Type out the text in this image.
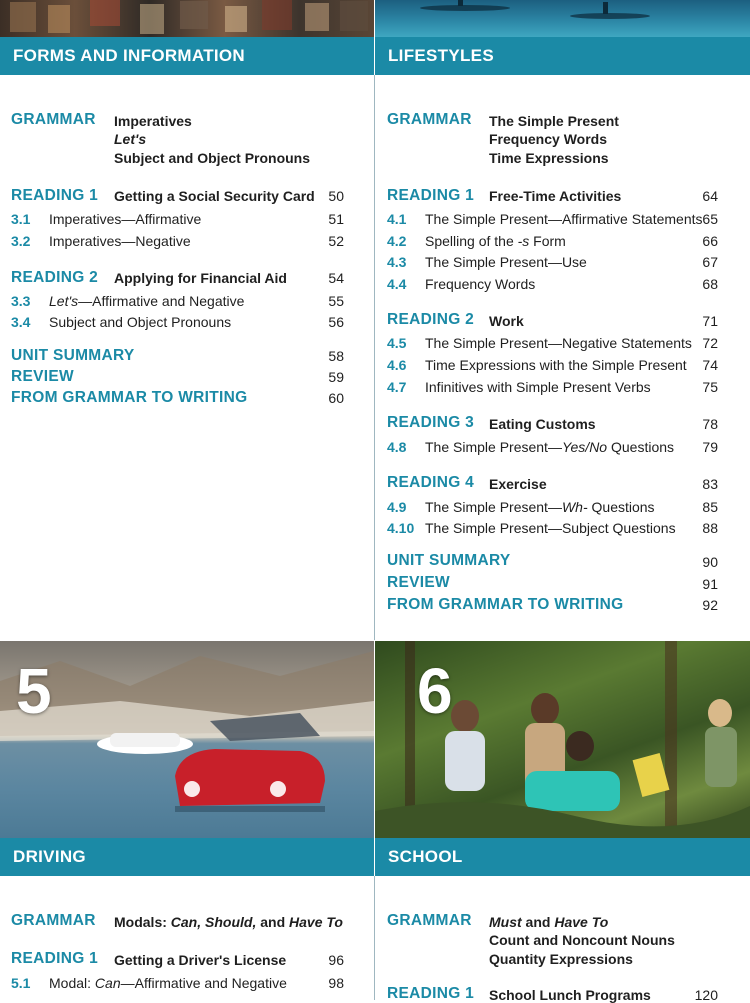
FORMS AND INFORMATION	LIFESTYLES
GRAMMAR Imperatives
Let's
Subject and Object Pronouns
READING 1 Getting a Social Security Card 50
3.1 Imperatives—Affirmative	51
3.2 Imperatives—Negative	52
READING 2 Applying for Financial Aid	54
3.3 Let's—Affirmative and Negative	55
3.4 Subject and Object Pronouns	56
UNIT SUMMARY	58
REVIEW	59
FROM GRAMMAR TO WRITING	60
GRAMMAR The Simple Present
Frequency Words
Time Expressions
READING 1 Free-Time Activities	64
4.1 The Simple Present—Affirmative Statements 65
4.2 Spelling of the -s Form	66
4.3 The Simple Present—Use	67
4.4 Frequency Words	68
READING 2 Work	71
4.5 The Simple Present—Negative Statements 72
4.6 Time Expressions with the Simple Present	74
4.7 Infinitives with Simple Present Verbs	75
READING 3 Eating Customs	78
4.8 The Simple Present—Yes/No Questions	79
READING 4 Exercise	83
4.9 The Simple Present—Wh- Questions	85
4.10 The Simple Present—Subject Questions	88
UNIT SUMMARY	90
REVIEW	91
FROM GRAMMAR TO WRITING	92
5	6
DRIVING	SCHOOL
GRAMMAR Modals: Can, Should, and Have To
READING 1 Getting a Driver's License	96
5.1 Modal: Can—Affirmative and Negative	98
GRAMMAR Must and Have To
Count and Noncount Nouns
Quantity Expressions
READING 1 School Lunch Programs	120
